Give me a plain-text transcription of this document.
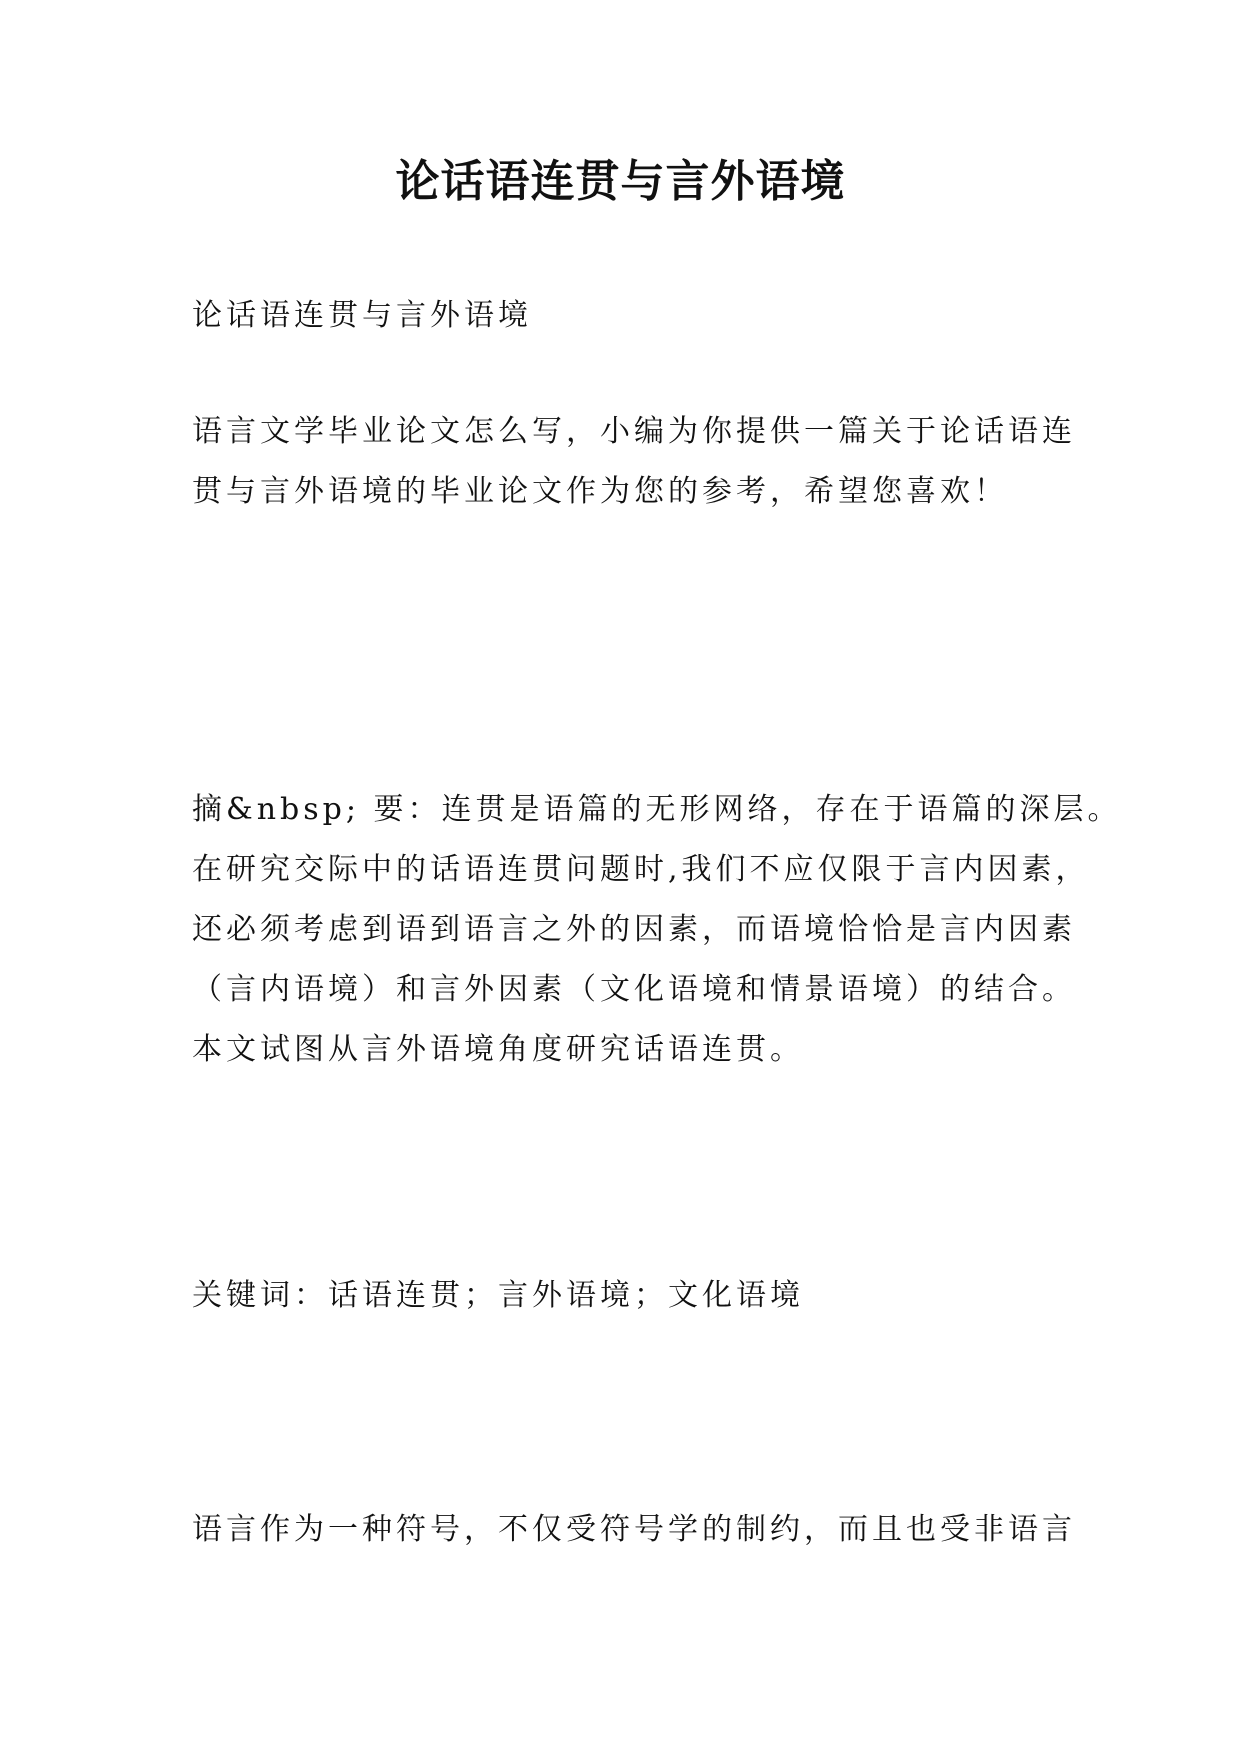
论话语连贯与言外语境

论话语连贯与言外语境

语言文学毕业论文怎么写，小编为你提供一篇关于论话语连
贯与言外语境的毕业论文作为您的参考，希望您喜欢！

摘&nbsp; 要：连贯是语篇的无形网络，存在于语篇的深层。
在研究交际中的话语连贯问题时,我们不应仅限于言内因素，
还必须考虑到语到语言之外的因素，而语境恰恰是言内因素
（言内语境）和言外因素（文化语境和情景语境）的结合。
本文试图从言外语境角度研究话语连贯。

关键词：话语连贯；言外语境；文化语境

语言作为一种符号，不仅受符号学的制约，而且也受非语言
